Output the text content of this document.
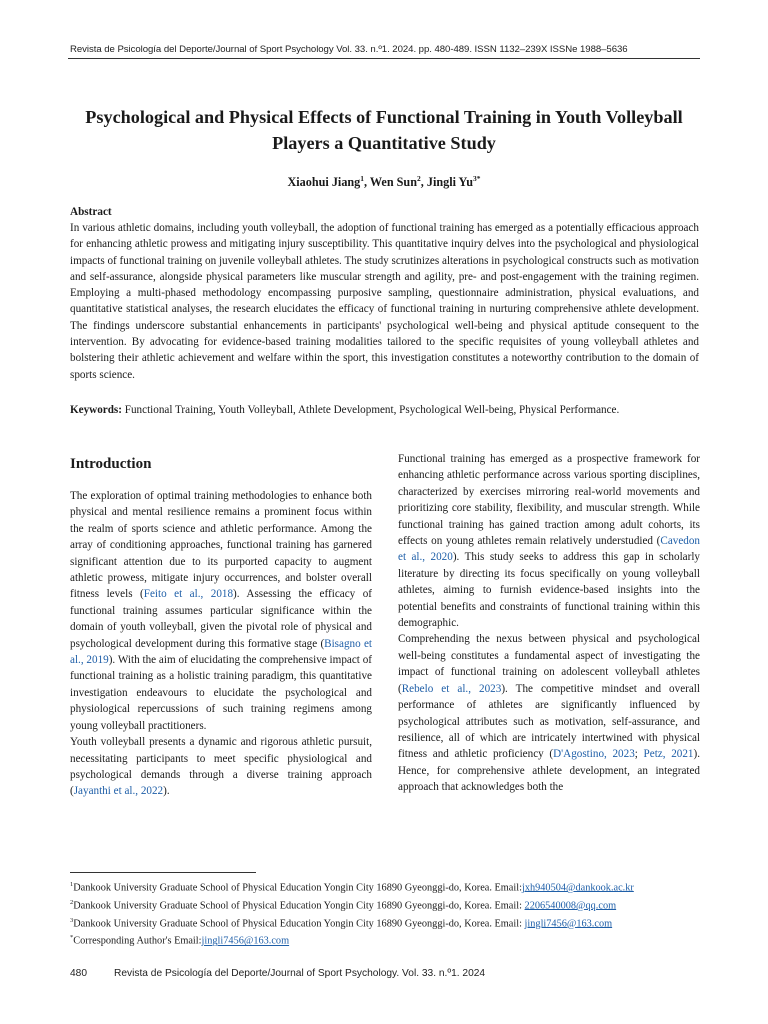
Revista de Psicología del Deporte/Journal of Sport Psychology Vol. 33. n.º1. 2024. pp. 480-489. ISSN 1132–239X ISSNe 1988–5636
Psychological and Physical Effects of Functional Training in Youth Volleyball Players a Quantitative Study
Xiaohui Jiang$^1$, Wen Sun$^2$, Jingli $Yu^{3*}$
Abstract

In various athletic domains, including youth volleyball, the adoption of functional training has emerged as a potentially efficacious approach for enhancing athletic prowess and mitigating injury susceptibility. This quantitative inquiry delves into the psychological and physiological impacts of functional training on juvenile volleyball athletes. The study scrutinizes alterations in psychological constructs such as motivation and self-assurance, alongside physical parameters like muscular strength and agility, pre- and post-engagement with the training regimen. Employing a multi-phased methodology encompassing purposive sampling, questionnaire administration, physical evaluations, and quantitative statistical analyses, the research elucidates the efficacy of functional training in nurturing comprehensive athlete development. The findings underscore substantial enhancements in participants' psychological well-being and physical aptitude consequent to the intervention. By advocating for evidence-based training modalities tailored to the specific requisites of young volleyball athletes and bolstering their athletic achievement and welfare within the sport, this investigation constitutes a noteworthy contribution to the domain of sports science.

Keywords: Functional Training, Youth Volleyball, Athlete Development, Psychological Well-being, Physical Performance.

Introduction

The exploration of optimal training methodologies to enhance both physical and mental resilience remains a prominent focus within the realm of sports science and athletic performance. Among the array of conditioning approaches, functional training has garnered significant attention due to its purported capacity to augment athletic prowess, mitigate injury occurrences, and bolster overall fitness levels (Feito et al., 2018). Assessing the efficacy of functional training assumes particular significance within the domain of youth volleyball, given the pivotal role of physical and psychological development during this formative stage (Bisagno et al., 2019). With the aim of elucidating the comprehensive impact of functional training as a holistic training paradigm, this quantitative investigation endeavours to elucidate the psychological and physiological repercussions of such training regimens among young volleyball practitioners.

Youth volleyball presents a dynamic and rigorous athletic pursuit, necessitating participants to meet specific physiological and psychological demands through a diverse training approach (Jayanthi et al., 2022).

Functional training has emerged as a prospective framework for enhancing athletic performance across various sporting disciplines, characterized by exercises mirroring real-world movements and prioritizing core stability, flexibility, and muscular strength. While functional training has gained traction among adult cohorts, its effects on young athletes remain relatively understudied (Cavedon et al., 2020). This study seeks to address this gap in scholarly literature by directing its focus specifically on young volleyball athletes, aiming to furnish evidence-based insights into the potential benefits and constraints of functional training within this demographic.

Comprehending the nexus between physical and psychological well-being constitutes a fundamental aspect of investigating the impact of functional training on adolescent volleyball athletes (Rebelo et al., 2023). The competitive mindset and overall performance of athletes are significantly influenced by psychological attributes such as motivation, self-assurance, and resilience, all of which are intricately intertwined with physical fitness and athletic proficiency (D'Agostino, 2023; Petz, 2021). Hence, for comprehensive athlete development, an integrated approach that acknowledges both the

$^1$Dankook University Graduate School of Physical Education Yongin City 16890 Gyeonggi-do, Korea. Email:jxh940504@dankook.ac.kr
$^2$Dankook University Graduate School of Physical Education Yongin City 16890 Gyeonggi-do, Korea. Email: 2206540008@qq.com
$^3$Dankook University Graduate School of Physical Education Yongin City 16890 Gyeonggi-do, Korea. Email: jingli7456@163.com
*Corresponding Author's Email:jingli7456@163.com
480	Revista de Psicología del Deporte/Journal of Sport Psychology. Vol. 33. n.º1. 2024
